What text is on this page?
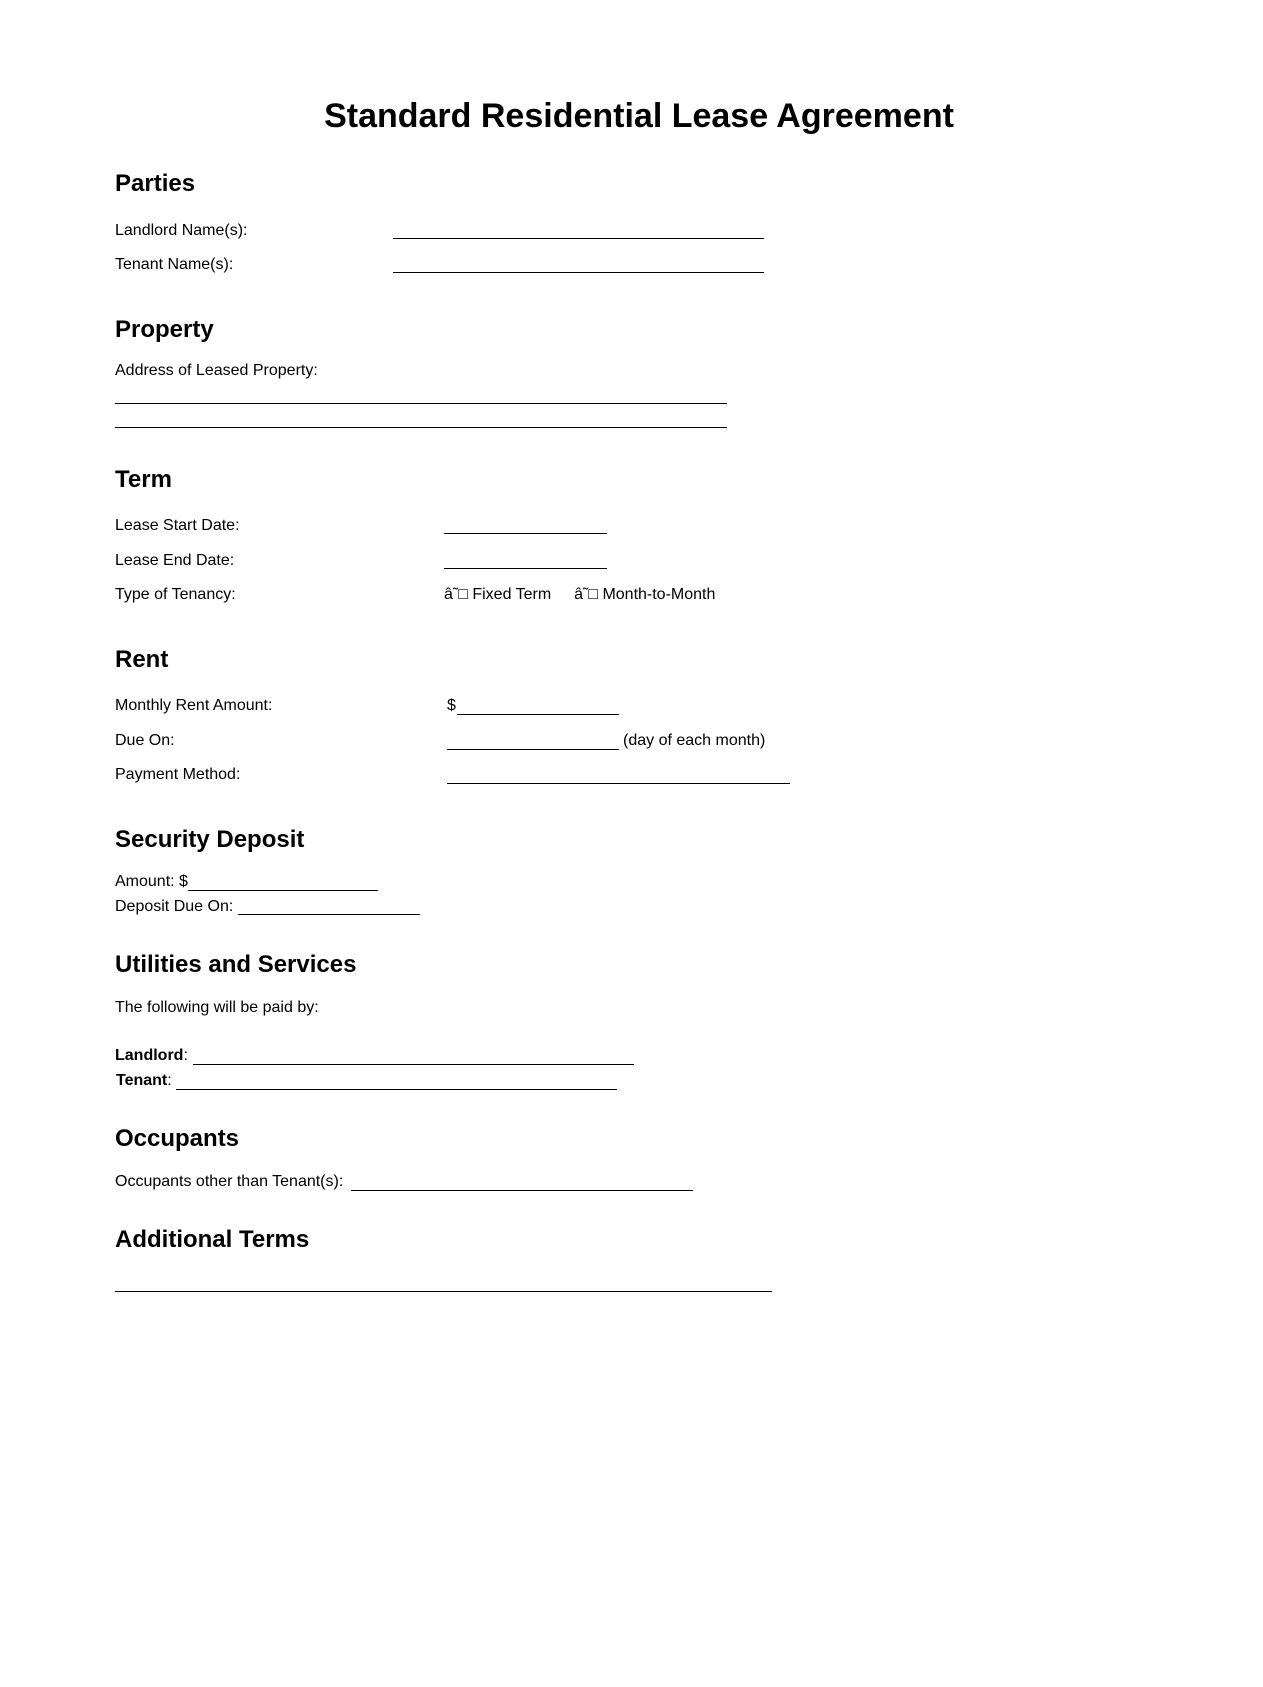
Standard Residential Lease Agreement
Parties
Landlord Name(s):
Tenant Name(s):
Property
Address of Leased Property:
Term
Lease Start Date:
Lease End Date:
Type of Tenancy:	â˜□ Fixed Term â˜□ Month-to-Month
Rent
Monthly Rent Amount:	$
Due On:	(day of each month)
Payment Method:
Security Deposit
Amount: $
Deposit Due On:
Utilities and Services
The following will be paid by:
Landlord:
Tenant:
Occupants
Occupants other than Tenant(s):
Additional Terms
